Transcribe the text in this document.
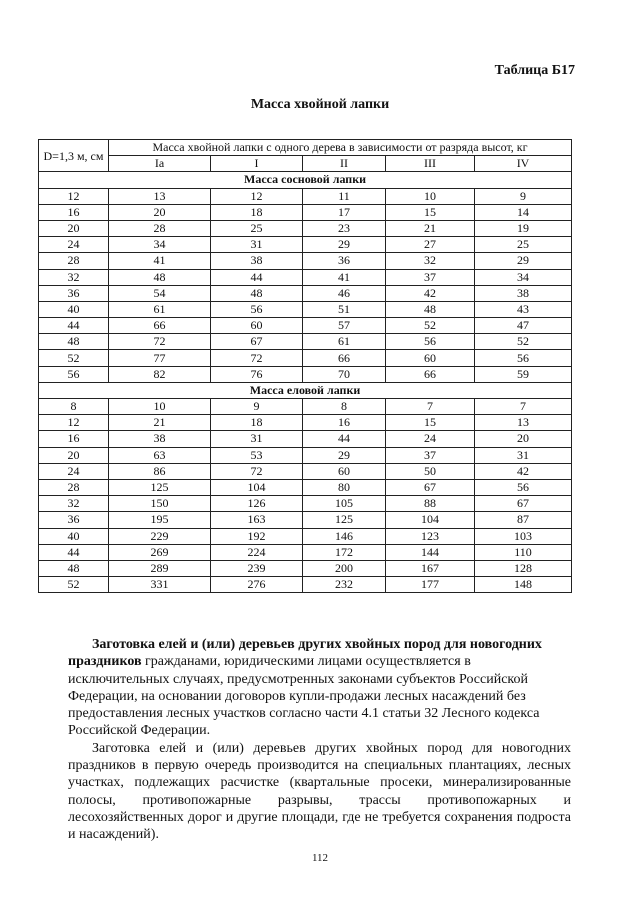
Таблица Б17
Масса хвойной лапки
D=1,3 м, см	Масса хвойной лапки с одного дерева в зависимости от разряда высот, кг				
	Ia	I	II	III	IV
Масса сосновой лапки					
12	13	12	11	10	9
16	20	18	17	15	14
20	28	25	23	21	19
24	34	31	29	27	25
28	41	38	36	32	29
32	48	44	41	37	34
36	54	48	46	42	38
40	61	56	51	48	43
44	66	60	57	52	47
48	72	67	61	56	52
52	77	72	66	60	56
56	82	76	70	66	59
Масса еловой лапки					
8	10	9	8	7	7
12	21	18	16	15	13
16	38	31	44	24	20
20	63	53	29	37	31
24	86	72	60	50	42
28	125	104	80	67	56
32	150	126	105	88	67
36	195	163	125	104	87
40	229	192	146	123	103
44	269	224	172	144	110
48	289	239	200	167	128
52	331	276	232	177	148

Заготовка елей и (или) деревьев других хвойных пород для новогодних праздников гражданами, юридическими лицами осуществляется в исключительных случаях, предусмотренных законами субъектов Российской Федерации, на основании договоров купли-продажи лесных насаждений без предоставления лесных участков согласно части 4.1 статьи 32 Лесного кодекса Российской Федерации.

Заготовка елей и (или) деревьев других хвойных пород для новогодних праздников в первую очередь производится на специальных плантациях, лесных участках, подлежащих расчистке (квартальные просеки, минерализированные полосы, противопожарные разрывы, трассы противопожарных и лесохозяйственных дорог и другие площади, где не требуется сохранения подроста и насаждений).

112
